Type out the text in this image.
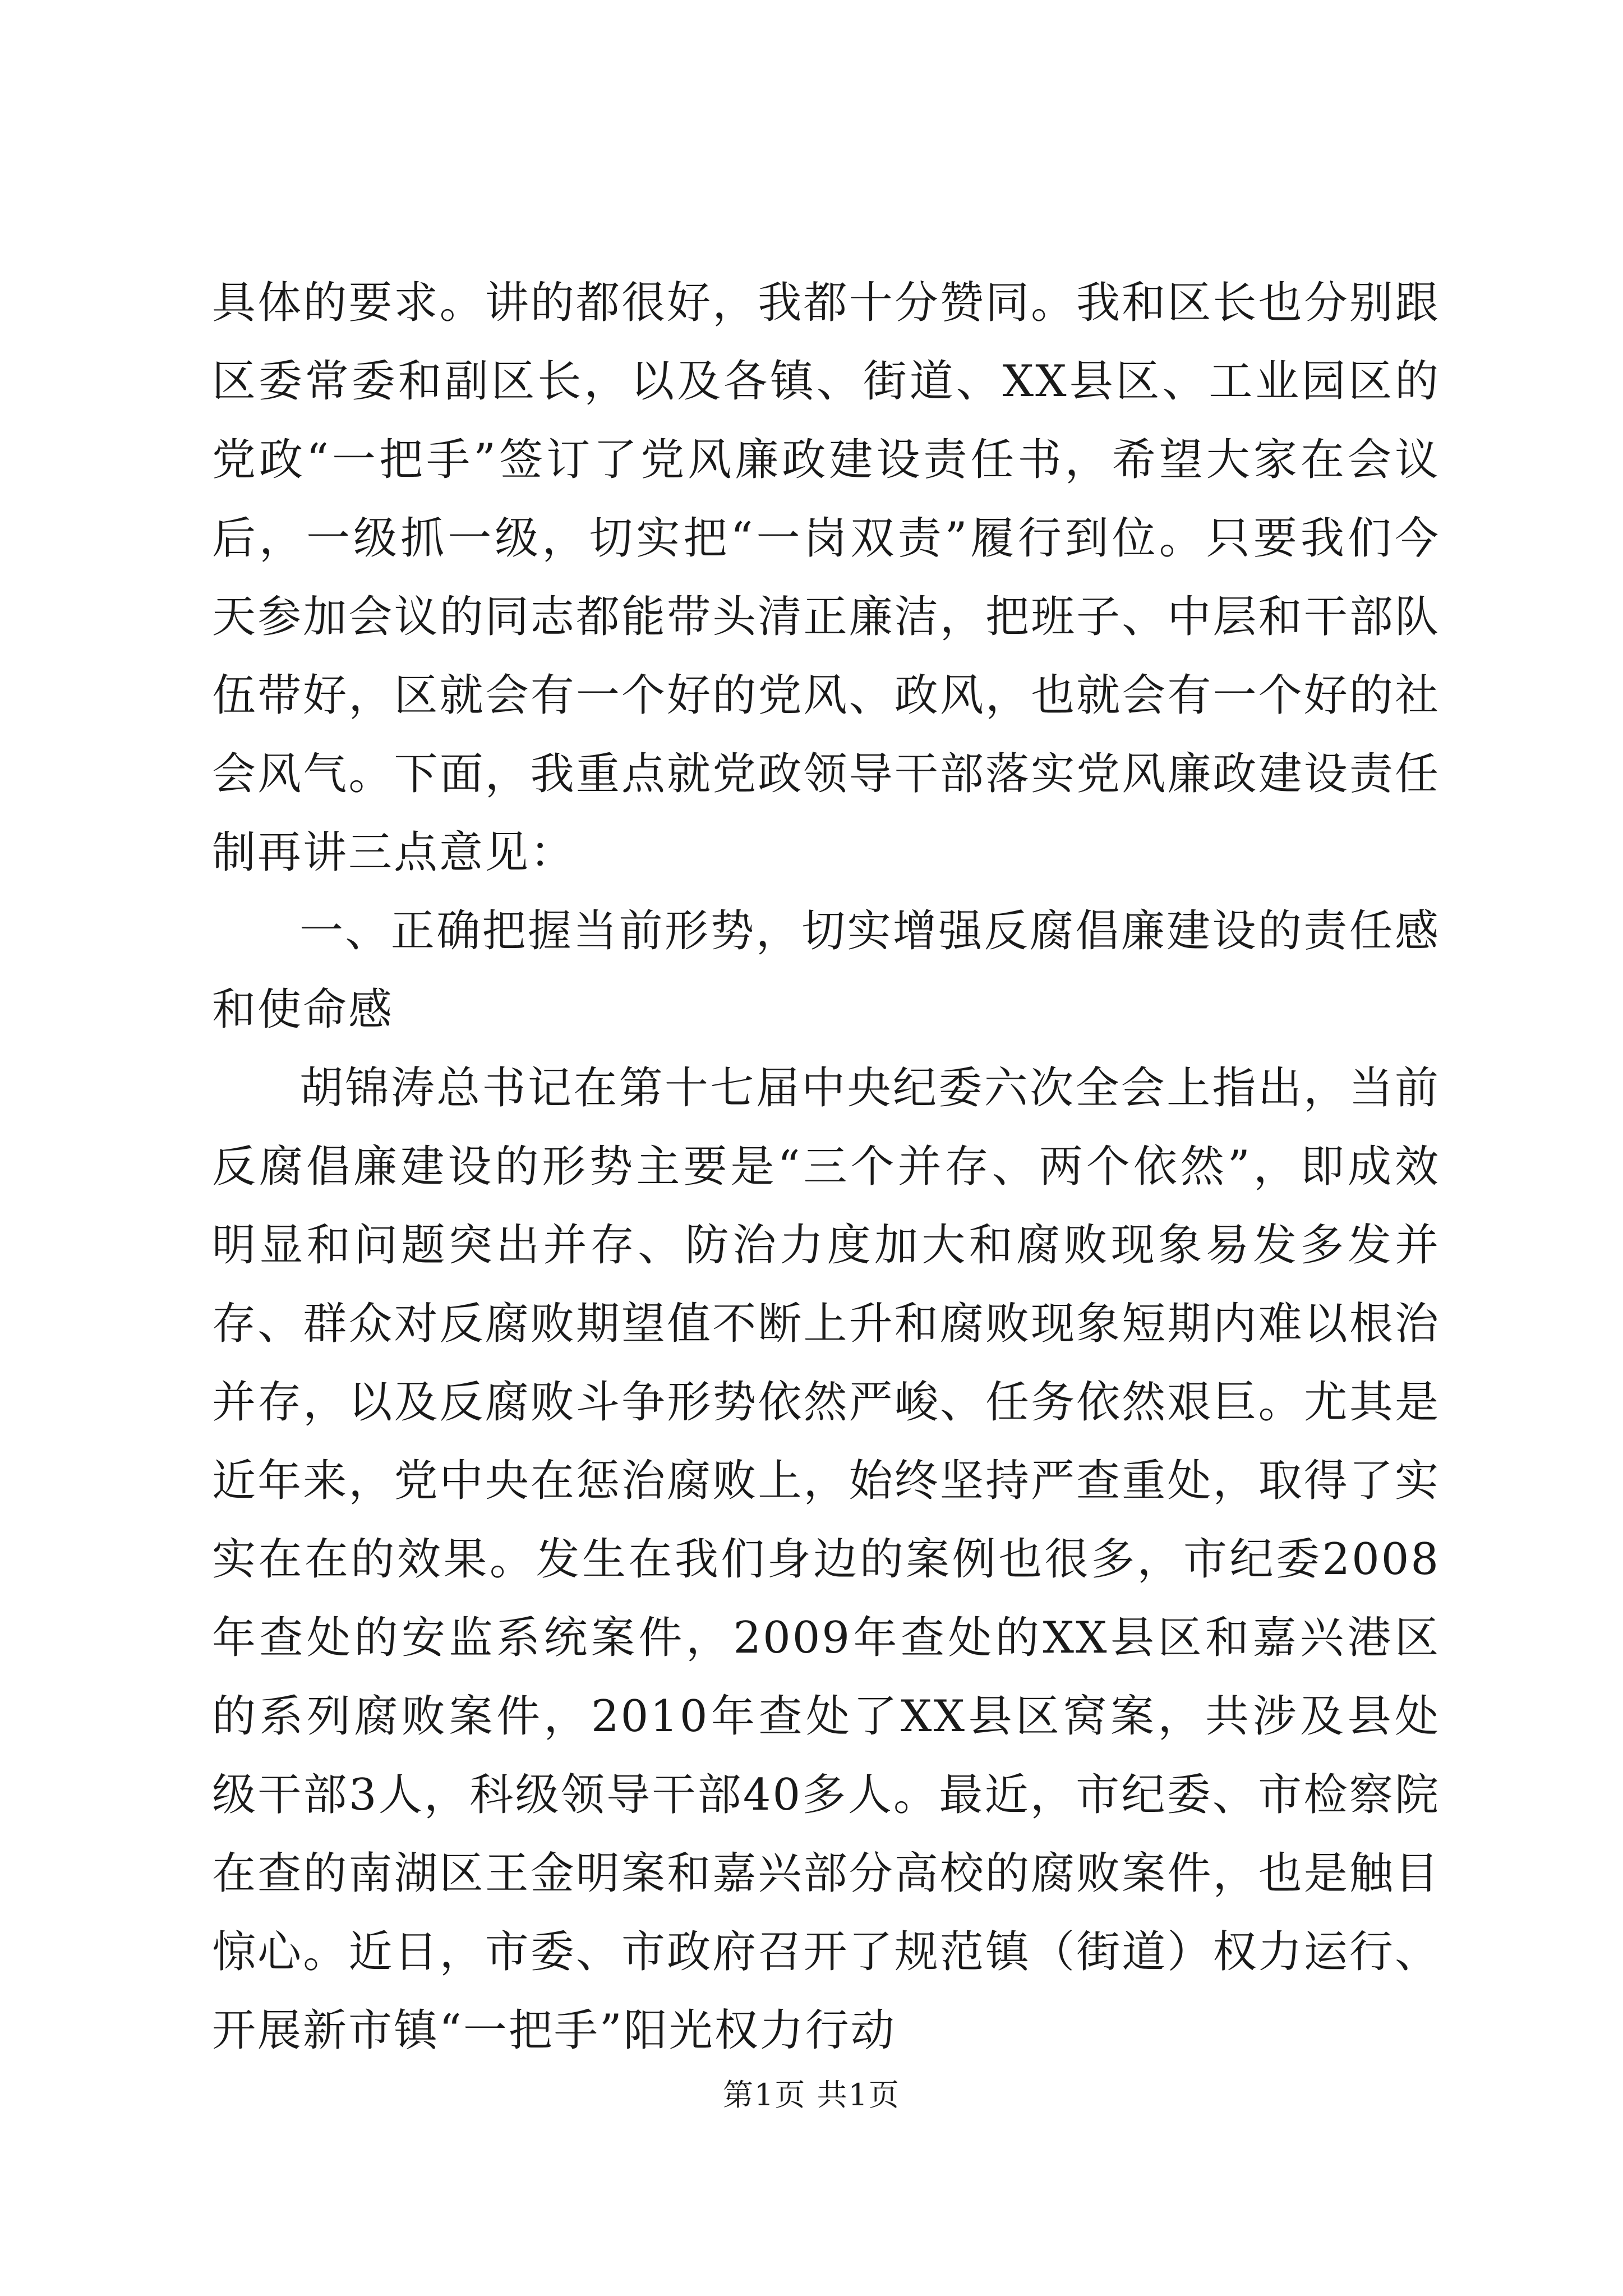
具体的要求。讲的都很好，我都十分赞同。我和区长也分别跟区委常委和副区长，以及各镇、街道、XX县区、工业园区的党政“一把手”签订了党风廉政建设责任书，希望大家在会议后，一级抓一级，切实把“一岗双责”履行到位。只要我们今天参加会议的同志都能带头清正廉洁，把班子、中层和干部队伍带好，区就会有一个好的党风、政风，也就会有一个好的社会风气。下面，我重点就党政领导干部落实党风廉政建设责任制再讲三点意见：

一、正确把握当前形势，切实增强反腐倡廉建设的责任感和使命感

胡锦涛总书记在第十七届中央纪委六次全会上指出，当前反腐倡廉建设的形势主要是“三个并存、两个依然”，即成效明显和问题突出并存、防治力度加大和腐败现象易发多发并存、群众对反腐败期望值不断上升和腐败现象短期内难以根治并存，以及反腐败斗争形势依然严峻、任务依然艰巨。尤其是近年来，党中央在惩治腐败上，始终坚持严查重处，取得了实实在在的效果。发生在我们身边的案例也很多，市纪委2008年查处的安监系统案件，2009年查处的XX县区和嘉兴港区的系列腐败案件，2010年查处了XX县区窝案，共涉及县处级干部3人，科级领导干部40多人。最近，市纪委、市检察院在查的南湖区王金明案和嘉兴部分高校的腐败案件，也是触目惊心。近日，市委、市政府召开了规范镇（街道）权力运行、开展新市镇“一把手”阳光权力行动

第1页 共1页
